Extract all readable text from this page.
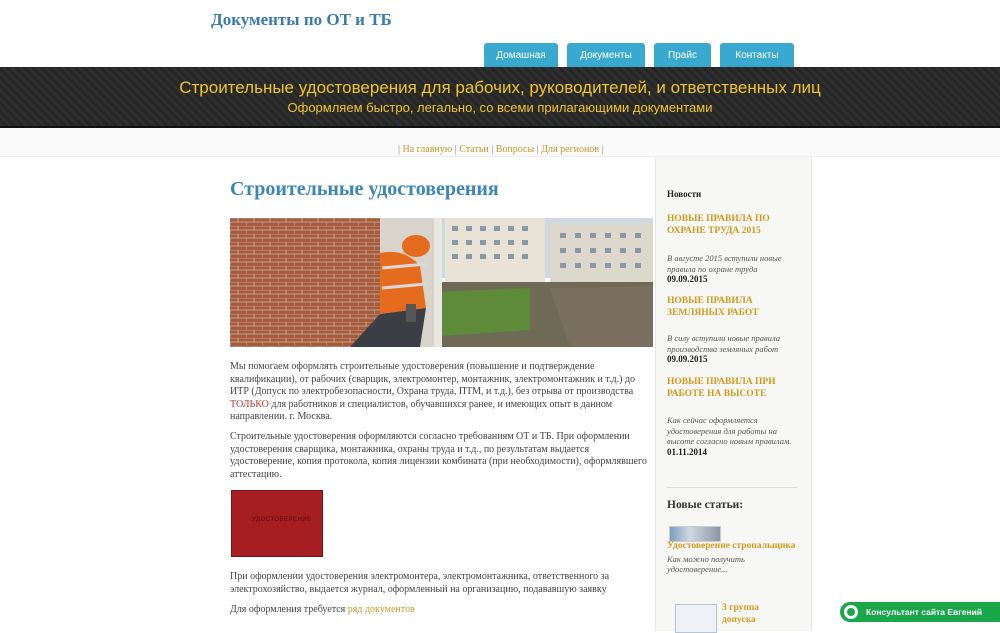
Документы по ОТ и ТБ
Домашная	Документы	Прайс	Контакты
Строительные удостоверения для рабочих, руководителей, и ответственных лиц
Оформляем быстро, легально, со всеми прилагающими документами
| На главную | Статьи | Вопросы | Для регионов |
Строительные удостоверения
Мы помогаем оформлять строительные удостоверения (повышение и подтверждение квалификации), от рабочих (сварщик, электромонтер, монтажник, электромонтажник и т.д.) до ИТР (Допуск по электробезопасности, Охрана труда, ПТМ, и т.д.), без отрыва от производства ТОЛЬКО для работников и специалистов, обучавшихся ранее, и имеющих опыт в данном направлении. г. Москва.
Строительные удостоверения оформляются согласно требованиям ОТ и ТБ. При оформлении удостоверения сварщика, монтажника, охраны труда и т.д., по результатам выдается удостоверение, копия протокола, копия лицензии комбината (при необходимости), оформлявшего аттестацию.
УДОСТОВЕРЕНИЕ
При оформлении удостоверения электромонтера, электромонтажника, ответственного за электрохозяйство, выдается журнал, оформленный на организацию, подававшую заявку
Для оформления требуется ряд документов
Новости
НОВЫЕ ПРАВИЛА ПО ОХРАНЕ ТРУДА 2015
В августе 2015 вступили новые правила по охране труда
09.09.2015
НОВЫЕ ПРАВИЛА ЗЕМЛЯНЫХ РАБОТ
В силу вступили новые правила производства земляных работ
09.09.2015
НОВЫЕ ПРАВИЛА ПРИ РАБОТЕ НА ВЫСОТЕ
Как сейчас оформляется удостоверения для работы на высоте согласно новым правилам.
01.11.2014
Новые статьи:
Удостоверение стропальщика
Как можно получить удостоверение...
3 группа допуска
Консультант сайта Евгений
